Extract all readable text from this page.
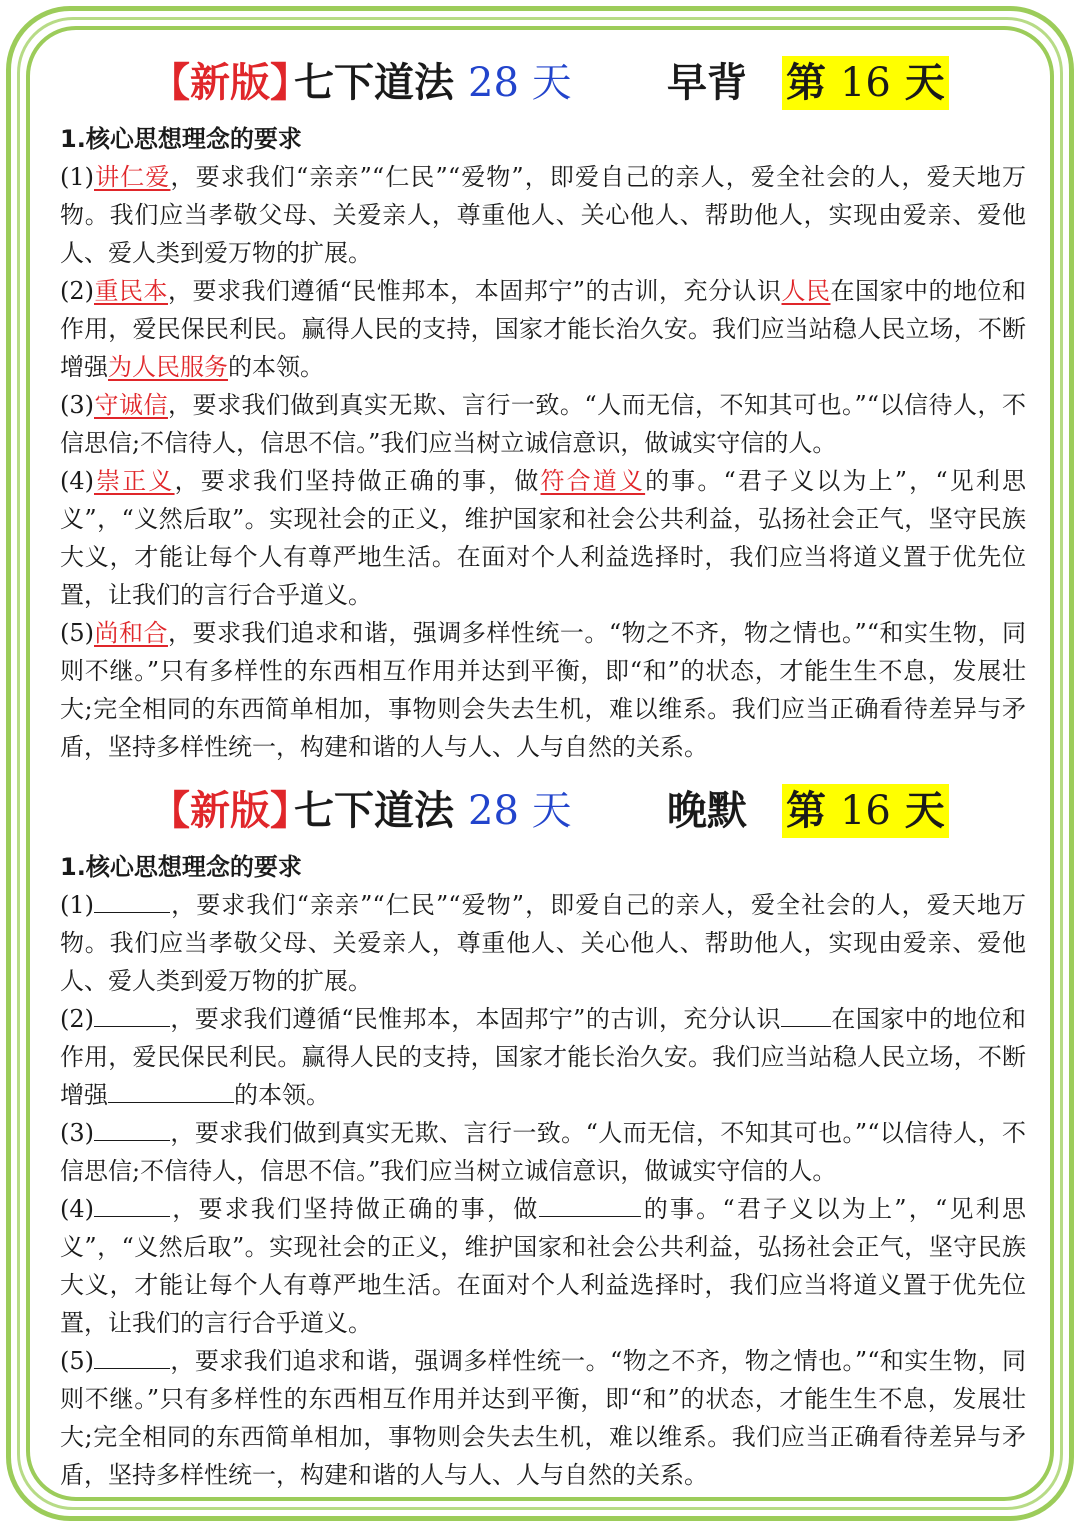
【新版】
七下道法 28 天 早背 第 16 天
1.核心思想理念的要求
(1)讲仁爱，要求我们“亲亲”“仁民”“爱物”，即爱自己的亲人，爱全社会的人，爱天地万物。我们应当孝敬父母、关爱亲人，尊重他人、关心他人、帮助他人，实现由爱亲、爱他人、爱人类到爱万物的扩展。
(2)重民本，要求我们遵循“民惟邦本，本固邦宁”的古训，充分认识人民在国家中的地位和作用，爱民保民利民。赢得人民的支持，国家才能长治久安。我们应当站稳人民立场，不断增强为人民服务的本领。
(3)守诚信，要求我们做到真实无欺、言行一致。“人而无信，不知其可也。”“以信待人，不信思信;不信待人，信思不信。”我们应当树立诚信意识，做诚实守信的人。
(4)崇正义，要求我们坚持做正确的事，做符合道义的事。“君子义以为上”，“见利思义”，“义然后取”。实现社会的正义，维护国家和社会公共利益，弘扬社会正气，坚守民族大义，才能让每个人有尊严地生活。在面对个人利益选择时，我们应当将道义置于优先位置，让我们的言行合乎道义。
(5)尚和合，要求我们追求和谐，强调多样性统一。“物之不齐，物之情也。”“和实生物，同则不继。”只有多样性的东西相互作用并达到平衡，即“和”的状态，才能生生不息，发展壮大;完全相同的东西简单相加，事物则会失去生机，难以维系。我们应当正确看待差异与矛盾，坚持多样性统一，构建和谐的人与人、人与自然的关系。
【新版】
七下道法 28 天 晚默 第 16 天
1.核心思想理念的要求
(1)	，要求我们“亲亲”“仁民”“爱物”，即爱自己的亲人，爱全社会的人，爱天地万物。我们应当孝敬父母、关爱亲人，尊重他人、关心他人、帮助他人，实现由爱亲、爱他人、爱人类到爱万物的扩展。
(2)	，要求我们遵循“民惟邦本，本固邦宁”的古训，充分认识 在国家中的地位和作用，爱民保民利民。赢得人民的支持，国家才能长治久安。我们应当站稳人民立场，不断增强	的本领。
(3)	，要求我们做到真实无欺、言行一致。“人而无信，不知其可也。”“以信待人，不信思信;不信待人，信思不信。”我们应当树立诚信意识，做诚实守信的人。
(4)	，要求我们坚持做正确的事，做	的事。“君子义以为上”，“见利思义”，“义然后取”。实现社会的正义，维护国家和社会公共利益，弘扬社会正气，坚守民族大义，才能让每个人有尊严地生活。在面对个人利益选择时，我们应当将道义置于优先位置，让我们的言行合乎道义。
(5)	，要求我们追求和谐，强调多样性统一。“物之不齐，物之情也。”“和实生物，同则不继。”只有多样性的东西相互作用并达到平衡，即“和”的状态，才能生生不息，发展壮大;完全相同的东西简单相加，事物则会失去生机，难以维系。我们应当正确看待差异与矛盾，坚持多样性统一，构建和谐的人与人、人与自然的关系。
